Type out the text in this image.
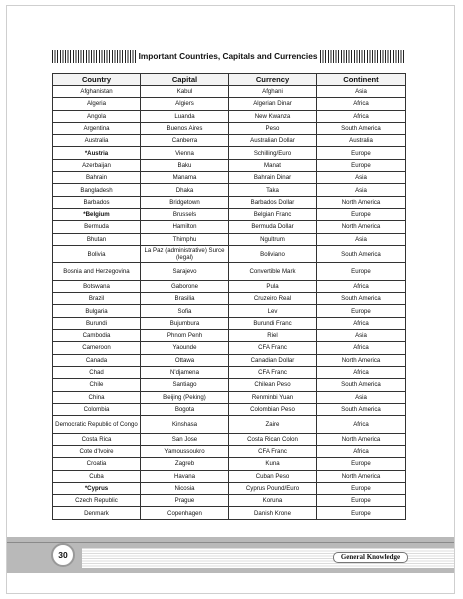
Important Countries, Capitals and Currencies
Country	Capital	Currency	Continent
Afghanistan	Kabul	Afghani	Asia
Algeria	Algiers	Algerian Dinar	Africa
Angola	Luanda	New Kwanza	Africa
Argentina	Buenos Aires	Peso	South America
Australia	Canberra	Australian Dollar	Australia
*Austria	Vienna	Schilling/Euro	Europe
Azerbaijan	Baku	Manat	Europe
Bahrain	Manama	Bahrain Dinar	Asia
Bangladesh	Dhaka	Taka	Asia
Barbados	Bridgetown	Barbados Dollar	North America
*Belgium	Brussels	Belgian Franc	Europe
Bermuda	Hamilton	Bermuda Dollar	North America
Bhutan	Thimphu	Ngultrum	Asia
Bolivia	La Paz (administrative) Surce (legal)	Boliviano	South America
Bosnia and Herzegovina	Sarajevo	Convertible Mark	Europe
Botswana	Gaborone	Pula	Africa
Brazil	Brasilia	Cruzeiro Real	South America
Bulgaria	Sofia	Lev	Europe
Burundi	Bujumbura	Burundi Franc	Africa
Cambodia	Phnom Penh	Riel	Asia
Cameroon	Yaounde	CFA Franc	Africa
Canada	Ottawa	Canadian Dollar	North America
Chad	N'djamena	CFA Franc	Africa
Chile	Santiago	Chilean Peso	South America
China	Beijing (Peking)	Renminbi Yuan	Asia
Colombia	Bogota	Colombian Peso	South America
Democratic Republic of Congo	Kinshasa	Zaire	Africa
Costa Rica	San Jose	Costa Rican Colon	North America
Cote d'Ivoire	Yamoussoukro	CFA Franc	Africa
Croatia	Zagreb	Kuna	Europe
Cuba	Havana	Cuban Peso	North America
*Cyprus	Nicosia	Cyprus Pound/Euro	Europe
Czech Republic	Prague	Koruna	Europe
Denmark	Copenhagen	Danish Krone	Europe
30	General Knowledge
